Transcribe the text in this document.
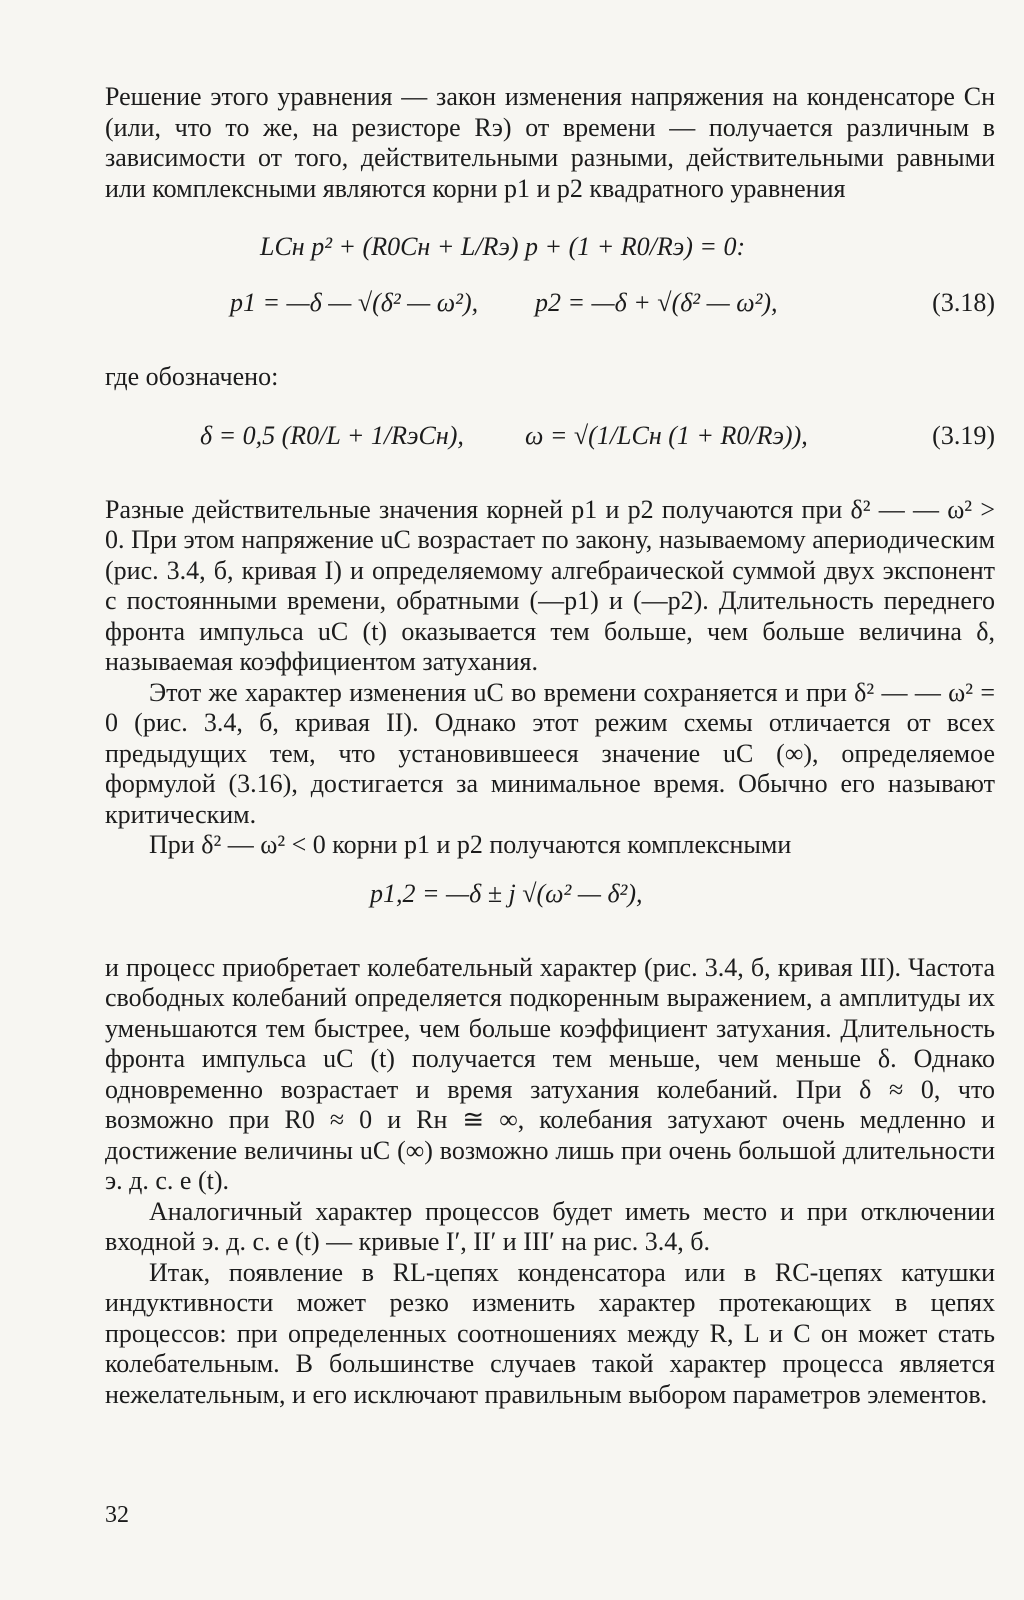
Решение этого уравнения — закон изменения напряжения на конденсаторе Cн (или, что то же, на резисторе Rэ) от времени — получается различным в зависимости от того, действительными разными, действительными равными или комплексными являются корни p1 и p2 квадратного уравнения

LCн p² + (R0Cн + L/Rэ) p + (1 + R0/Rэ) = 0:
p1 = —δ — √(δ² — ω²), p2 = —δ + √(δ² — ω²),	(3.18)

где обозначено:

δ = 0,5 (R0/L + 1/RэCн), ω = √(1/LCн (1 + R0/Rэ)),	(3.19)

Разные действительные значения корней p1 и p2 получаются при δ² — — ω² > 0. При этом напряжение uC возрастает по закону, называемому апериодическим (рис. 3.4, б, кривая I) и определяемому алгебраической суммой двух экспонент с постоянными времени, обратными (—p1) и (—p2). Длительность переднего фронта импульса uC (t) оказывается тем больше, чем больше величина δ, называемая коэффициентом затухания.

Этот же характер изменения uC во времени сохраняется и при δ² — — ω² = 0 (рис. 3.4, б, кривая II). Однако этот режим схемы отличается от всех предыдущих тем, что установившееся значение uC (∞), определяемое формулой (3.16), достигается за минимальное время. Обычно его называют критическим.

При δ² — ω² < 0 корни p1 и p2 получаются комплексными

p1,2 = —δ ± j √(ω² — δ²),

и процесс приобретает колебательный характер (рис. 3.4, б, кривая III). Частота свободных колебаний определяется подкоренным выражением, а амплитуды их уменьшаются тем быстрее, чем больше коэффициент затухания. Длительность фронта импульса uC (t) получается тем меньше, чем меньше δ. Однако одновременно возрастает и время затухания колебаний. При δ ≈ 0, что возможно при R0 ≈ 0 и Rн ≅ ∞, колебания затухают очень медленно и достижение величины uC (∞) возможно лишь при очень большой длительности э. д. с. e (t).

Аналогичный характер процессов будет иметь место и при отключении входной э. д. с. e (t) — кривые I′, II′ и III′ на рис. 3.4, б.

Итак, появление в RL-цепях конденсатора или в RC-цепях катушки индуктивности может резко изменить характер протекающих в цепях процессов: при определенных соотношениях между R, L и C он может стать колебательным. В большинстве случаев такой характер процесса является нежелательным, и его исключают правильным выбором параметров элементов.

32
